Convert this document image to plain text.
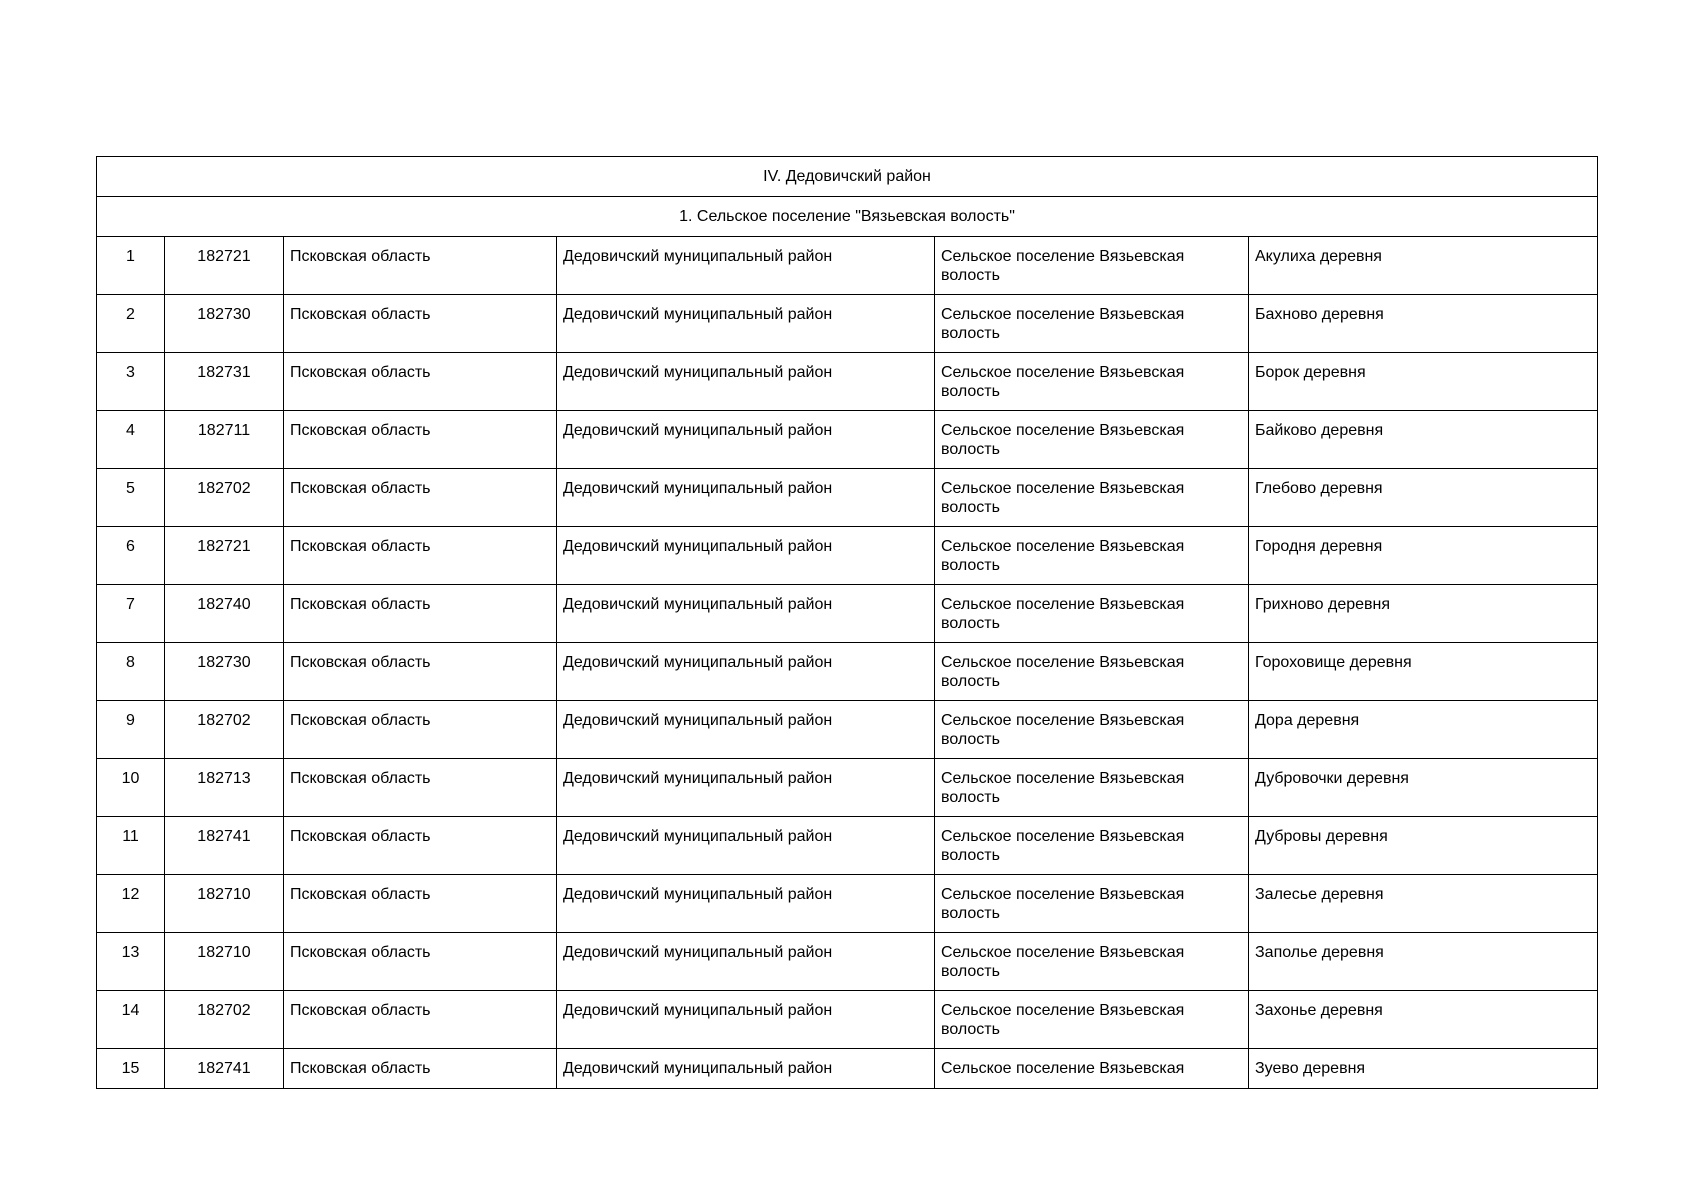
IV. Дедовичский район					
1. Сельское поселение "Вязьевская волость"					
1	182721	Псковская область	Дедовичский муниципальный район	Сельское поселение Вязьевская волость	Акулиха деревня
2	182730	Псковская область	Дедовичский муниципальный район	Сельское поселение Вязьевская волость	Бахново деревня
3	182731	Псковская область	Дедовичский муниципальный район	Сельское поселение Вязьевская волость	Борок деревня
4	182711	Псковская область	Дедовичский муниципальный район	Сельское поселение Вязьевская волость	Байково деревня
5	182702	Псковская область	Дедовичский муниципальный район	Сельское поселение Вязьевская волость	Глебово деревня
6	182721	Псковская область	Дедовичский муниципальный район	Сельское поселение Вязьевская волость	Городня деревня
7	182740	Псковская область	Дедовичский муниципальный район	Сельское поселение Вязьевская волость	Грихново деревня
8	182730	Псковская область	Дедовичский муниципальный район	Сельское поселение Вязьевская волость	Гороховище деревня
9	182702	Псковская область	Дедовичский муниципальный район	Сельское поселение Вязьевская волость	Дора деревня
10	182713	Псковская область	Дедовичский муниципальный район	Сельское поселение Вязьевская волость	Дубровочки деревня
11	182741	Псковская область	Дедовичский муниципальный район	Сельское поселение Вязьевская волость	Дубровы деревня
12	182710	Псковская область	Дедовичский муниципальный район	Сельское поселение Вязьевская волость	Залесье деревня
13	182710	Псковская область	Дедовичский муниципальный район	Сельское поселение Вязьевская волость	Заполье деревня
14	182702	Псковская область	Дедовичский муниципальный район	Сельское поселение Вязьевская волость	Захонье деревня
15	182741	Псковская область	Дедовичский муниципальный район	Сельское поселение Вязьевская	Зуево деревня
